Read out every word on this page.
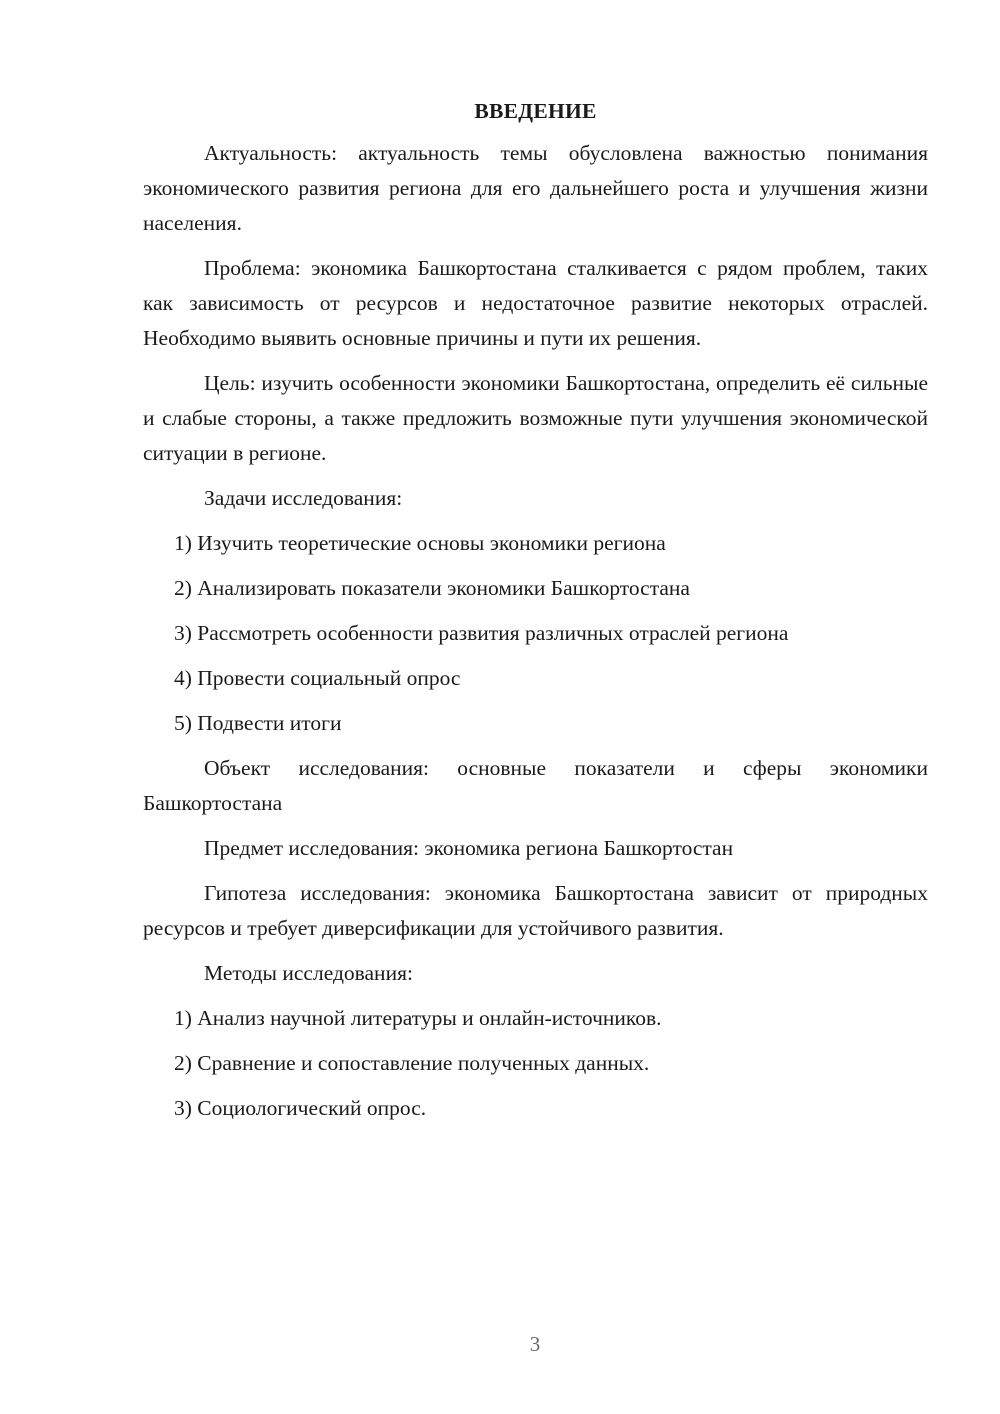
ВВЕДЕНИЕ

Актуальность: актуальность темы обусловлена важностью понимания экономического развития региона для его дальнейшего роста и улучшения жизни населения.

Проблема: экономика Башкортостана сталкивается с рядом проблем, таких как зависимость от ресурсов и недостаточное развитие некоторых отраслей. Необходимо выявить основные причины и пути их решения.

Цель: изучить особенности экономики Башкортостана, определить её сильные и слабые стороны, а также предложить возможные пути улучшения экономической ситуации в регионе.

Задачи исследования:

1) Изучить теоретические основы экономики региона
2) Анализировать показатели экономики Башкортостана
3) Рассмотреть особенности развития различных отраслей региона
4) Провести социальный опрос
5) Подвести итоги

Объект исследования: основные показатели и сферы экономики Башкортостана

Предмет исследования: экономика региона Башкортостан

Гипотеза исследования: экономика Башкортостана зависит от природных ресурсов и требует диверсификации для устойчивого развития.

Методы исследования:

1) Анализ научной литературы и онлайн-источников.
2) Сравнение и сопоставление полученных данных.
3) Социологический опрос.
3
